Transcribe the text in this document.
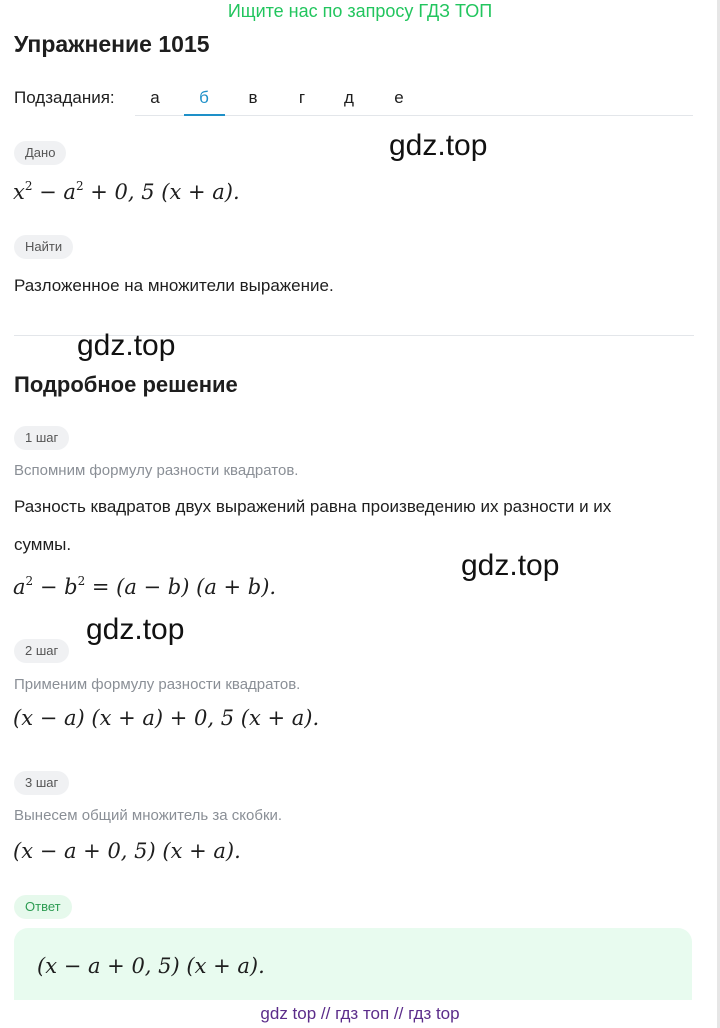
Ищите нас по запросу ГДЗ ТОП
Упражнение 1015
Подзадания:	а	б	в	г	д	е
Дано
$x^2 - a^2 + 0$, 5 (x + a).
Найти
Разложенное на множители выражение.
Подробное решение
1 шаг
Вспомним формулу разности квадратов.
Разность квадратов двух выражений равна произведению их разности и их
суммы.
$a^2 - b^2 = (a - b) (a + b)$.
2 шаг
Применим формулу разности квадратов.
(x − a) (x + a) + 0, 5 (x + a).
3 шаг
Вынесем общий множитель за скобки.
(x − a + 0, 5) (x + a).
Ответ
(x − a + 0, 5) (x + a).
gdz.top
gdz.top
gdz.top
gdz.top
gdz top // гдз топ // гдз top
